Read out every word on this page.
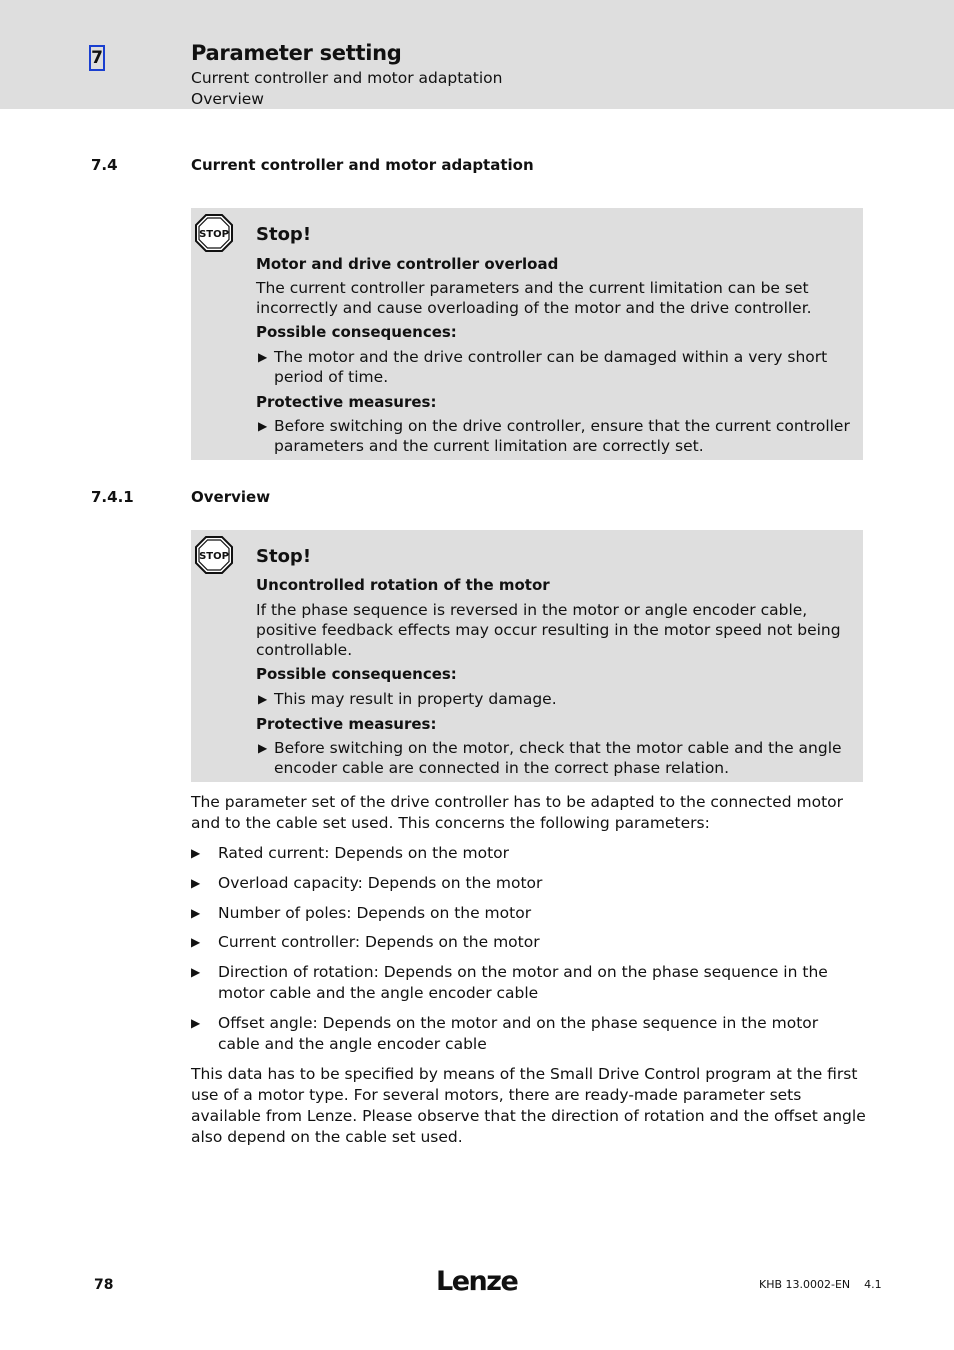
7	Parameter setting
Current controller and motor adaptation
Overview
7.4	Current controller and motor adaptation
STOP Stop!
Motor and drive controller overload
The current controller parameters and the current limitation can be set incorrectly and cause overloading of the motor and the drive controller.
Possible consequences:
▶ The motor and the drive controller can be damaged within a very short period of time.
Protective measures:
▶ Before switching on the drive controller, ensure that the current controller parameters and the current limitation are correctly set.
7.4.1	Overview
STOP Stop!
Uncontrolled rotation of the motor
If the phase sequence is reversed in the motor or angle encoder cable, positive feedback effects may occur resulting in the motor speed not being controllable.
Possible consequences:
▶ This may result in property damage.
Protective measures:
▶ Before switching on the motor, check that the motor cable and the angle encoder cable are connected in the correct phase relation.
The parameter set of the drive controller has to be adapted to the connected motor and to the cable set used. This concerns the following parameters:
▶ Rated current: Depends on the motor
▶ Overload capacity: Depends on the motor
▶ Number of poles: Depends on the motor
▶ Current controller: Depends on the motor
▶ Direction of rotation: Depends on the motor and on the phase sequence in the motor cable and the angle encoder cable
▶ Offset angle: Depends on the motor and on the phase sequence in the motor cable and the angle encoder cable
This data has to be specified by means of the Small Drive Control program at the first use of a motor type. For several motors, there are ready-made parameter sets available from Lenze. Please observe that the direction of rotation and the offset angle also depend on the cable set used.
78	Lenze	KHB 13.0002-EN    4.1
